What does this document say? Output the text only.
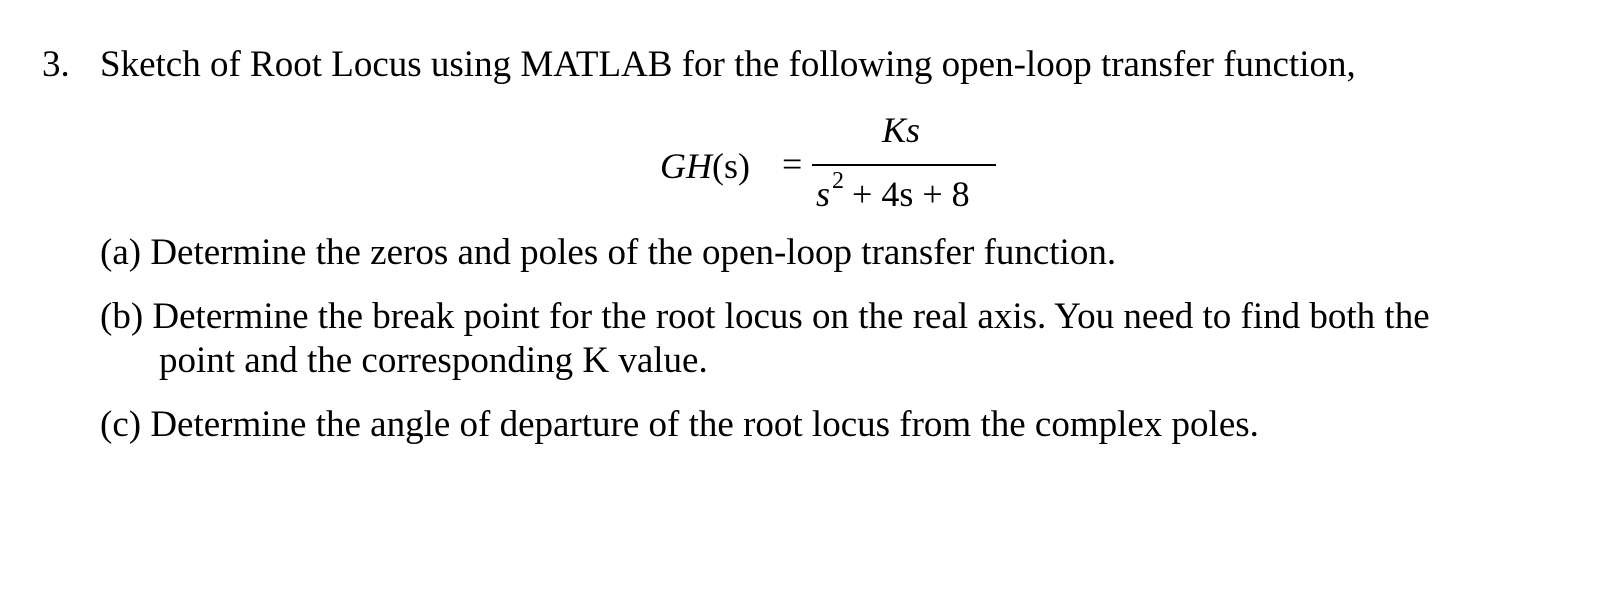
3. Sketch of Root Locus using MATLAB for the following open-loop transfer function,
GH(s) =
Ks
$s^2 + 4s + 8$
(a) Determine the zeros and poles of the open-loop transfer function.
(b) Determine the break point for the root locus on the real axis. You need to find both the
point and the corresponding K value.
(c) Determine the angle of departure of the root locus from the complex poles.
